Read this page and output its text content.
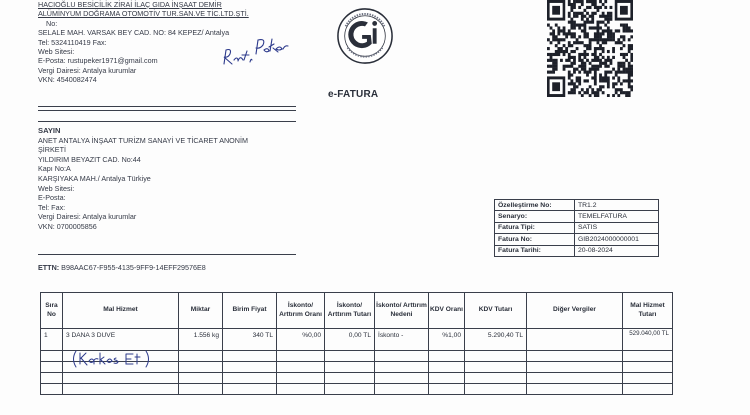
HACIOĞLU BESİCİLİK ZİRAİ İLAÇ GIDA İNŞAAT DEMİR
ALÜMİNYUM DOĞRAMA OTOMOTİV TUR.SAN.VE TİC.LTD.ŞTİ.
No:
SELALE MAH. VARSAK BEY CAD. NO: 84 KEPEZ/ Antalya
Tel: 5324110419 Fax:
Web Sitesi:
E-Posta: rustupeker1971@gmail.com
Vergi Dairesi: Antalya kurumlar
VKN: 4540082474
e-FATURA
SAYIN
ANET ANTALYA İNŞAAT TURİZM SANAYİ VE TİCARET ANONİM
ŞİRKETİ
YILDIRIM BEYAZIT CAD. No:44
Kapı No:A
KARŞIYAKA MAH./ Antalya Türkiye
Web Sitesi:
E-Posta:
Tel: Fax:
Vergi Dairesi: Antalya kurumlar
VKN: 0700005856
ETTN: B98AAC67-F955-4135-9FF9-14EFF29576E8
Özelleştirme No:	TR1.2
Senaryo:	TEMELFATURA
Fatura Tipi:	SATIS
Fatura No:	GIB2024000000001
Fatura Tarihi:	20-08-2024
Sıra No	Mal Hizmet	Miktar	Birim Fiyat	İskonto/ Arttırım Oranı	İskonto/ Arttırım Tutarı	İskonto/ Arttırım Nedeni	KDV Oranı	KDV Tutarı	Diğer Vergiler	Mal Hizmet Tutarı
1	3 DANA 3 DUVE	1.556 kg	340 TL	%0,00	0,00 TL	İskonto -	%1,00	5.290,40 TL		529.040,00 TL
